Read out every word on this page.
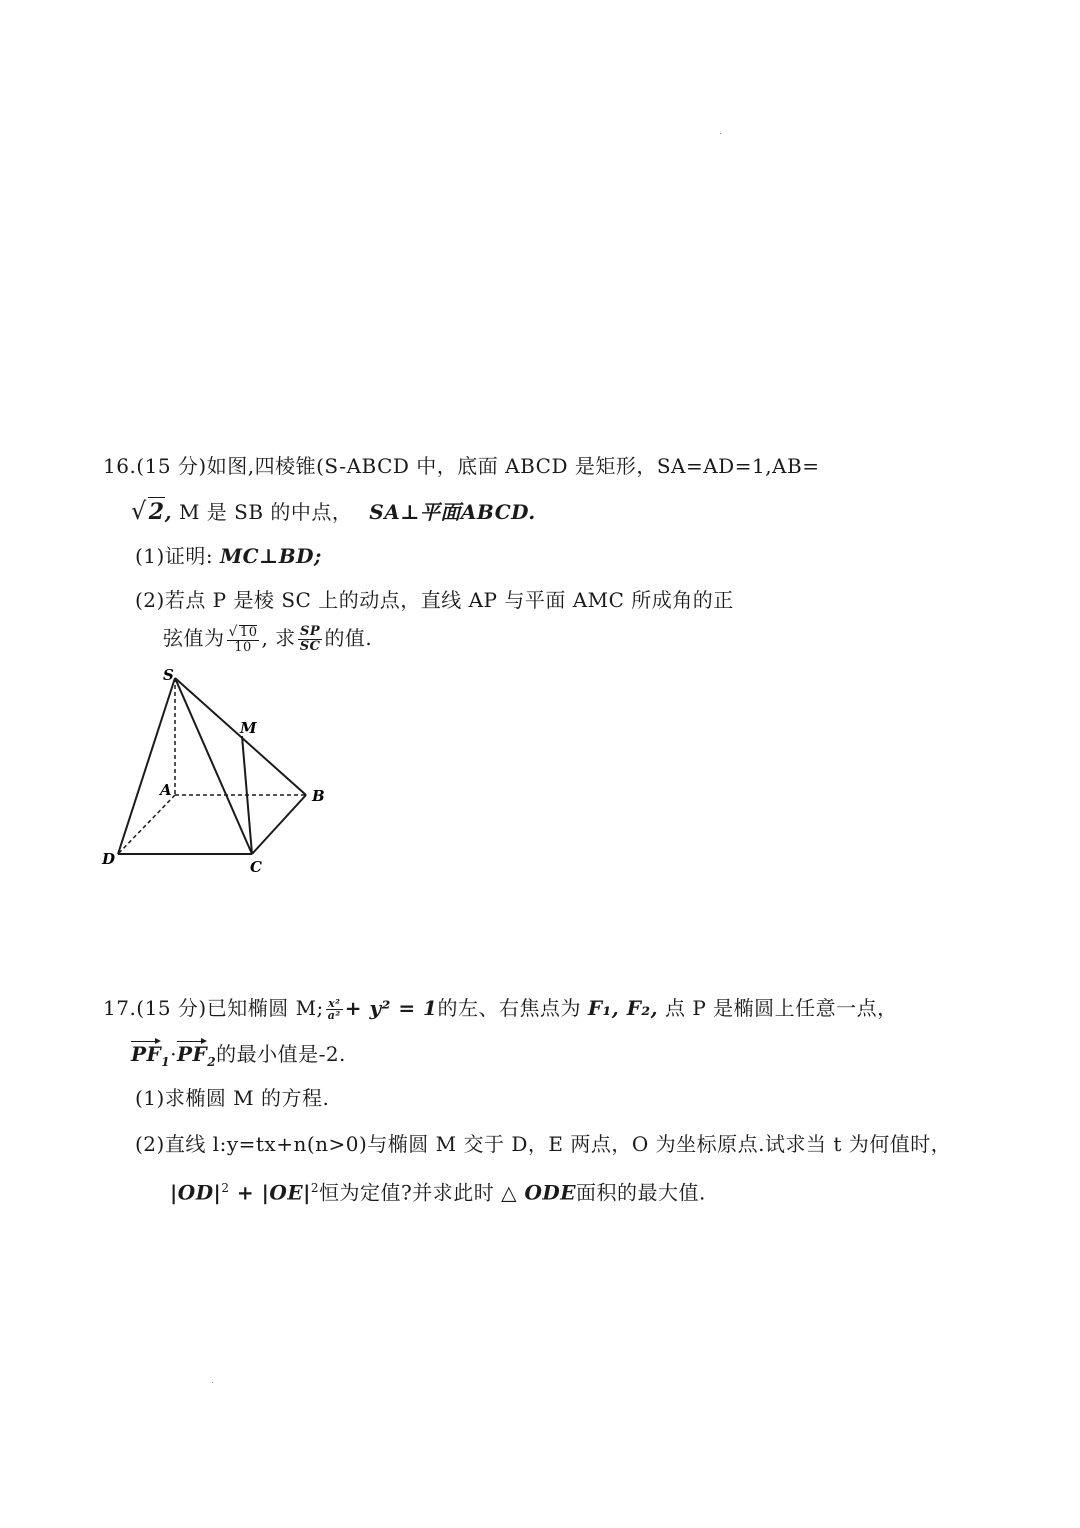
16.(15 分)如图,四棱锥(S-ABCD 中，底面 ABCD 是矩形，SA=AD=1,AB=
√2, M 是 SB 的中点， SA⊥平面ABCD.
(1)证明: MC⊥BD;
(2)若点 P 是棱 SC 上的动点，直线 AP 与平面 AMC 所成角的正
弦值为 $\frac{√ 10}{10}$ , 求 $\frac{SP}{SC}$ 的值.
S
M
A	B
C
D
17.(15 分)已知椭圆 M; $\frac{\text{x²}}{\text{a²}} + y^2 = 1$的左、右焦点为 F₁, F₂, 点 P 是椭圆上任意一点，
$PF_1\cdot PF_2$的最小值是-2.
(1)求椭圆 M 的方程.
(2)直线 l:y=tx+n(n>0)与椭圆 M 交于 D，E 两点，O 为坐标原点.试求当 t 为何值时，
$|OD|^2 + |OE|^2$恒为定值?并求此时 △ ODE面积的最大值.
